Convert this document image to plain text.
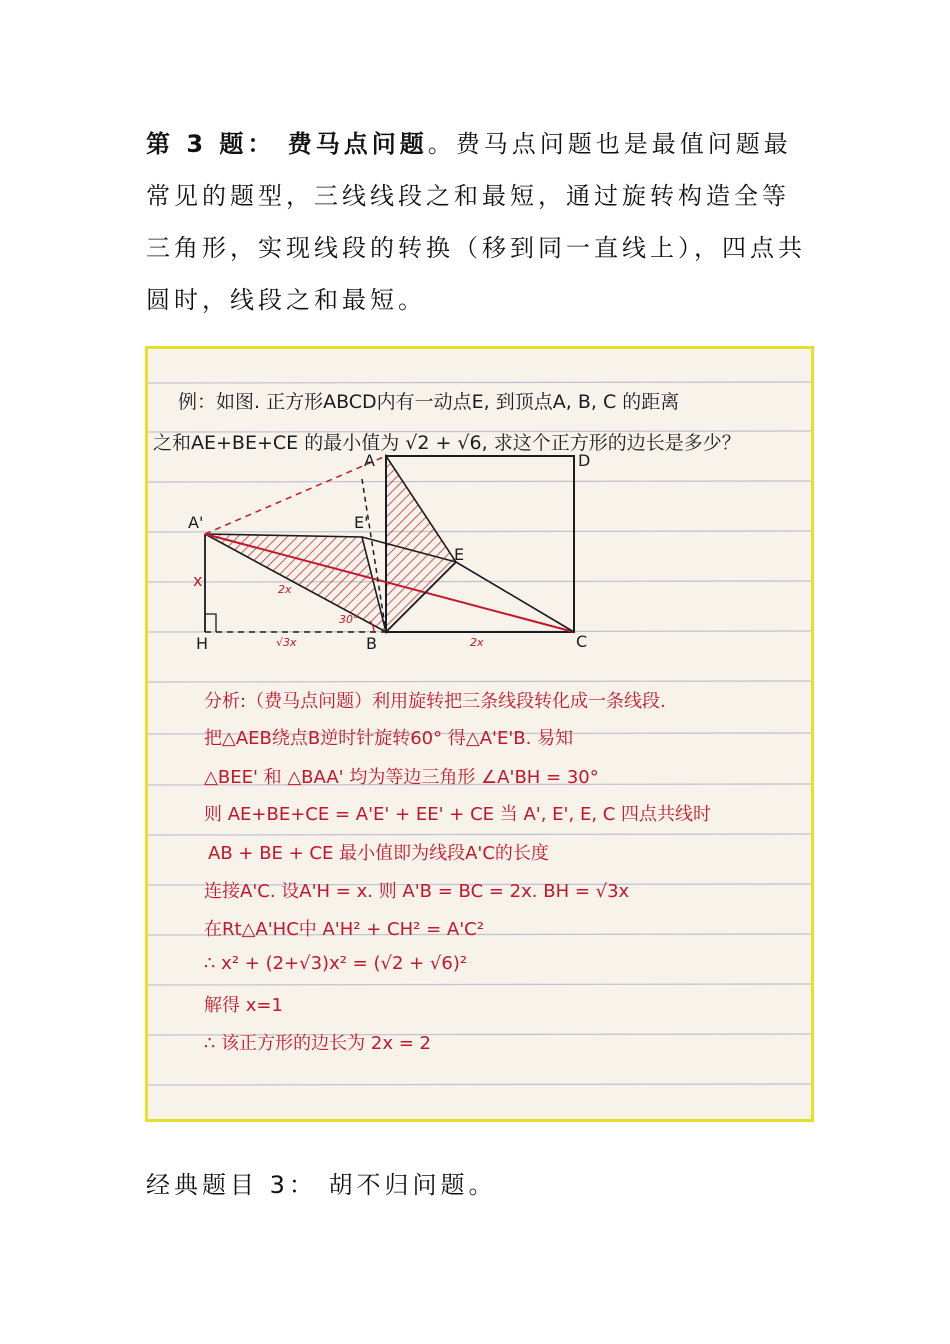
第 3 题： 费马点问题。费马点问题也是最值问题最常见的题型，三线线段之和最短，通过旋转构造全等三角形，实现线段的转换（移到同一直线上），四点共圆时，线段之和最短。
例：如图. 正方形ABCD内有一动点E, 到顶点A, B, C 的距离
之和AE+BE+CE 的最小值为 √2 + √6, 求这个正方形的边长是多少？
A	D
A'	E'
E
B	C
H
x	2x
30°
√3x	2x
分析:（费马点问题）利用旋转把三条线段转化成一条线段.
把△AEB绕点B逆时针旋转60° 得△A'E'B. 易知
△BEE' 和 △BAA' 均为等边三角形 ∠A'BH = 30°
则 AE+BE+CE = A'E' + EE' + CE 当 A', E', E, C 四点共线时
AB + BE + CE 最小值即为线段A'C的长度
连接A'C. 设A'H = x. 则 A'B = BC = 2x. BH = √3x
在Rt△A'HC中 A'H² + CH² = A'C²
∴ x² + (2+√3)x² = (√2 + √6)²
解得 x=1
∴ 该正方形的边长为 2x = 2
经典题目 3： 胡不归问题。
